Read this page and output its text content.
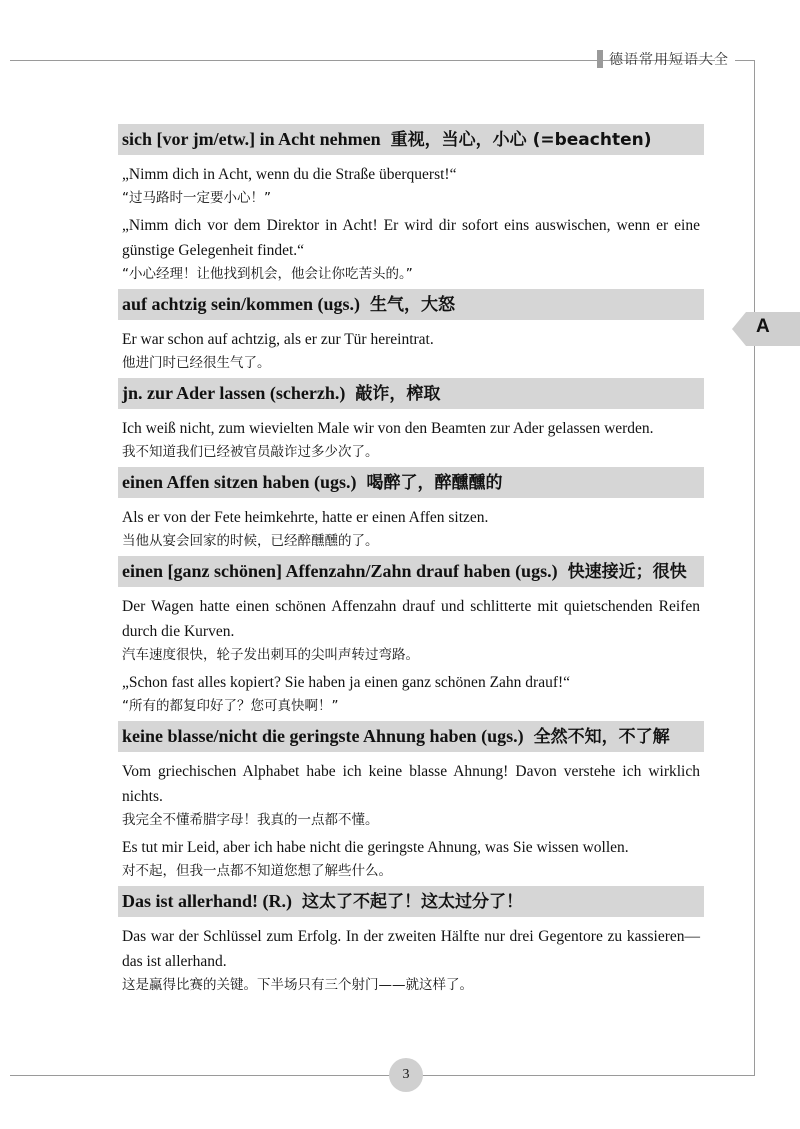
德语常用短语大全
A
sich [vor jm/etw.] in Acht nehmen 重视，当心，小心 (=beachten)
„Nimm dich in Acht, wenn du die Straße überquerst!“
“过马路时一定要小心！”
„Nimm dich vor dem Direktor in Acht! Er wird dir sofort eins auswischen, wenn er eine günstige Gelegenheit findet.“
“小心经理！让他找到机会，他会让你吃苦头的。”
auf achtzig sein/kommen (ugs.) 生气，大怒
Er war schon auf achtzig, als er zur Tür hereintrat.
他进门时已经很生气了。
jn. zur Ader lassen (scherzh.) 敲诈，榨取
Ich weiß nicht, zum wievielten Male wir von den Beamten zur Ader gelassen werden.
我不知道我们已经被官员敲诈过多少次了。
einen Affen sitzen haben (ugs.) 喝醉了，醉醺醺的
Als er von der Fete heimkehrte, hatte er einen Affen sitzen.
当他从宴会回家的时候，已经醉醺醺的了。
einen [ganz schönen] Affenzahn/Zahn drauf haben (ugs.) 快速接近；很快
Der Wagen hatte einen schönen Affenzahn drauf und schlitterte mit quietschenden Reifen durch die Kurven.
汽车速度很快，轮子发出刺耳的尖叫声转过弯路。
„Schon fast alles kopiert? Sie haben ja einen ganz schönen Zahn drauf!“
“所有的都复印好了？您可真快啊！”
keine blasse/nicht die geringste Ahnung haben (ugs.) 全然不知，不了解
Vom griechischen Alphabet habe ich keine blasse Ahnung! Davon verstehe ich wirklich nichts.
我完全不懂希腊字母！我真的一点都不懂。
Es tut mir Leid, aber ich habe nicht die geringste Ahnung, was Sie wissen wollen.
对不起，但我一点都不知道您想了解些什么。
Das ist allerhand! (R.) 这太了不起了！这太过分了！
Das war der Schlüssel zum Erfolg. In der zweiten Hälfte nur drei Gegentore zu kassieren—das ist allerhand.
这是赢得比赛的关键。下半场只有三个射门——就这样了。
3
